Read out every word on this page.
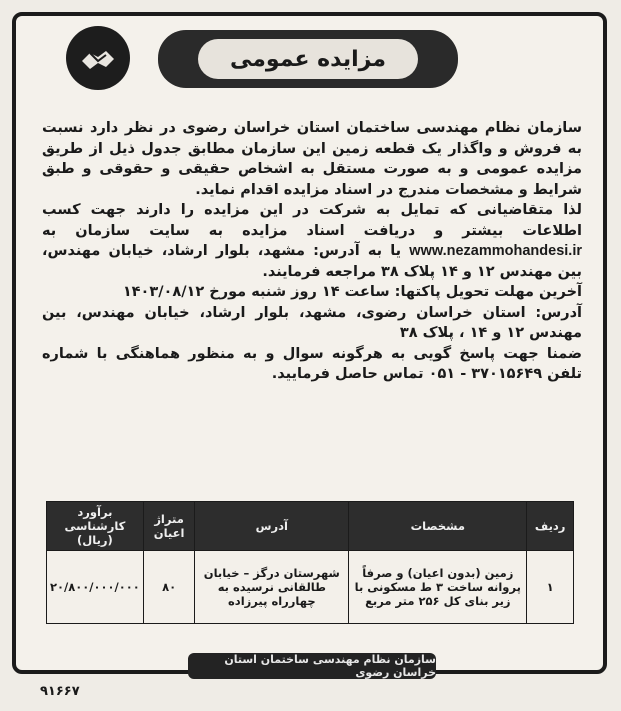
مزایده عمومی

سازمان نظام مهندسی ساختمان استان خراسان رضوی در نظر دارد نسبت به فروش و واگذار یک قطعه زمین این سازمان مطابق جدول ذیل از طریق مزایده عمومی و به صورت مستقل به اشخاص حقیقی و حقوقی و طبق شرایط و مشخصات مندرج در اسناد مزایده اقدام نماید.

لذا متقاضیانی که تمایل به شرکت در این مزایده را دارند جهت کسب اطلاعات بیشتر و دریافت اسناد مزایده به سایت سازمان به www.nezammohandesi.ir یا به آدرس: مشهد، بلوار ارشاد، خیابان مهندس، بین مهندس ۱۲ و ۱۴ پلاک ۳۸ مراجعه فرمایند.

آخرین مهلت تحویل پاکتها: ساعت ۱۴ روز شنبه مورخ ۱۴۰۳/۰۸/۱۲

آدرس: استان خراسان رضوی، مشهد، بلوار ارشاد، خیابان مهندس، بین مهندس ۱۲ و ۱۴ ، پلاک ۳۸

ضمنا جهت پاسخ گویی به هرگونه سوال و به منظور هماهنگی با شماره تلفن ۳۷۰۱۵۶۴۹ - ۰۵۱ تماس حاصل فرمایید.

ردیف	مشخصات	آدرس	متراژ اعیان	برآورد کارشناسی (ریال)
۱	زمین (بدون اعیان) و صرفاً پروانه ساخت ۳ ط مسکونی با زیر بنای کل ۲۵۶ متر مربع	شهرستان درگز – خیابان طالقانی نرسیده به چهارراه پیرزاده	۸۰	۲۰/۸۰۰/۰۰۰/۰۰۰
سازمان نظام مهندسی ساختمان استان خراسان رضوی
۹۱۶۶۷
